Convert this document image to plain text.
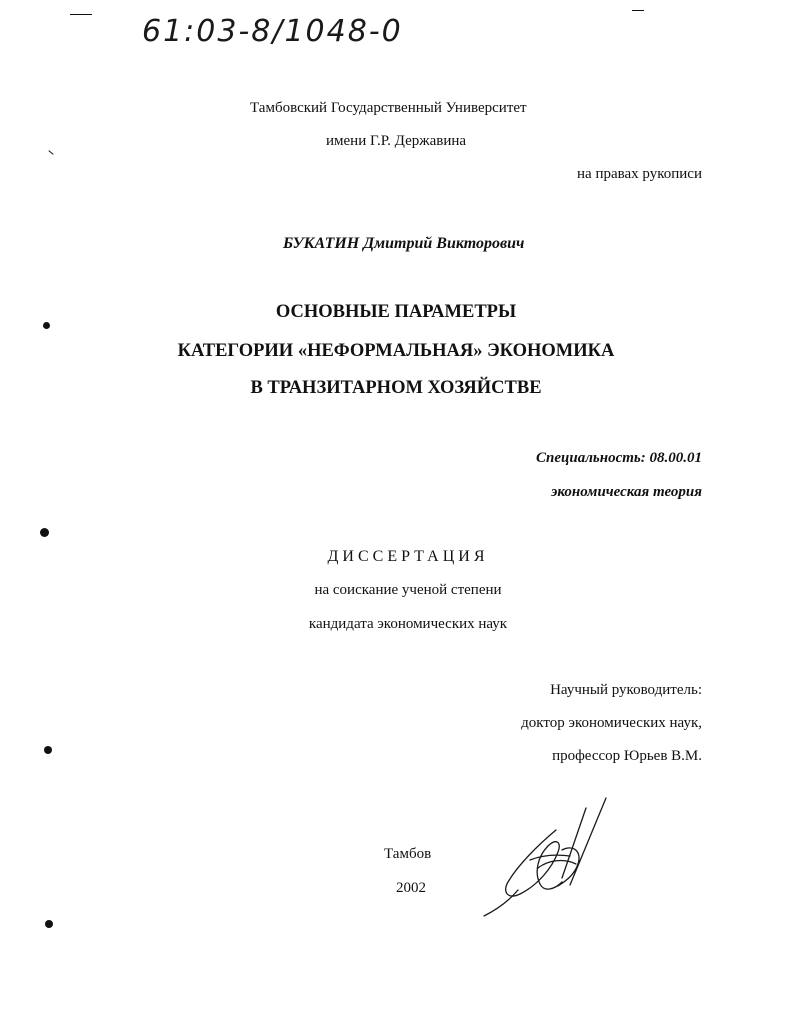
61:03-8/1048-0
Тамбовский Государственный Университет
имени Г.Р. Державина
на правах рукописи
БУКАТИН Дмитрий Викторович
ОСНОВНЫЕ ПАРАМЕТРЫ
КАТЕГОРИИ «НЕФОРМАЛЬНАЯ» ЭКОНОМИКА
В ТРАНЗИТАРНОМ ХОЗЯЙСТВЕ
Специальность: 08.00.01
экономическая теория
ДИССЕРТАЦИЯ
на соискание ученой степени
кандидата экономических наук
Научный руководитель:
доктор экономических наук,
профессор Юрьев В.М.
Тамбов
2002
